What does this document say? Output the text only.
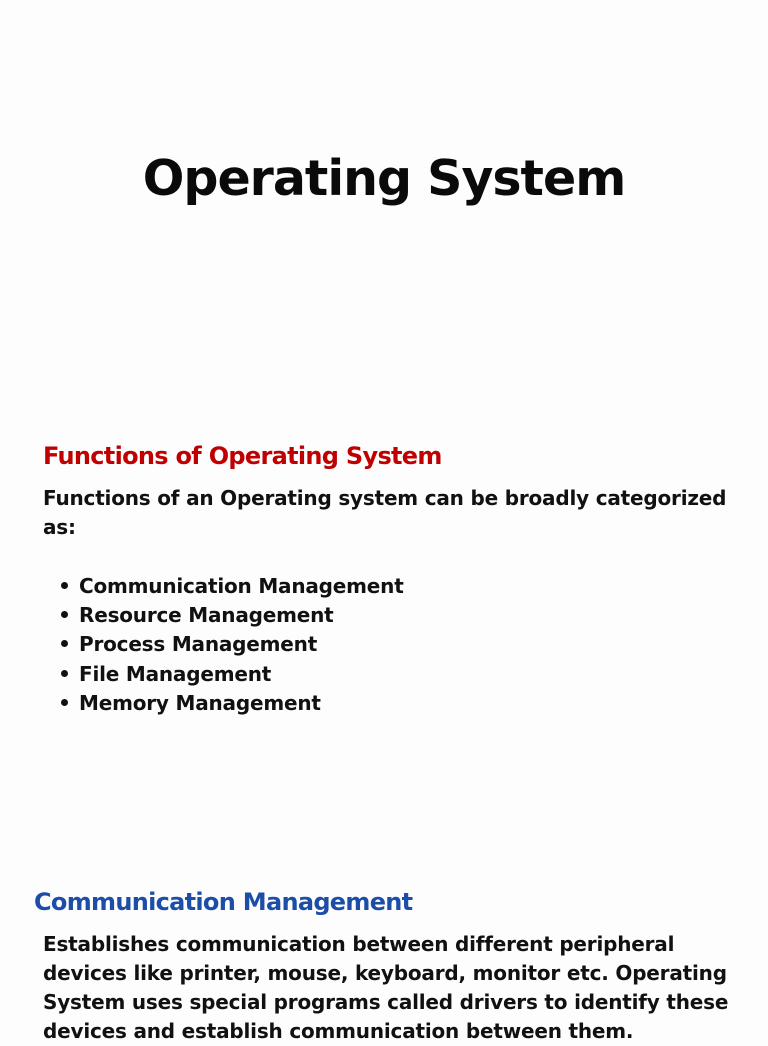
Operating System
Functions of Operating System

Functions of an Operating system can be broadly categorized as:

Communication Management
Resource Management
Process Management
File Management
Memory Management
Communication Management

Establishes communication between different peripheral devices like printer, mouse, keyboard, monitor etc. Operating System uses special programs called drivers to identify these devices and establish communication between them.
